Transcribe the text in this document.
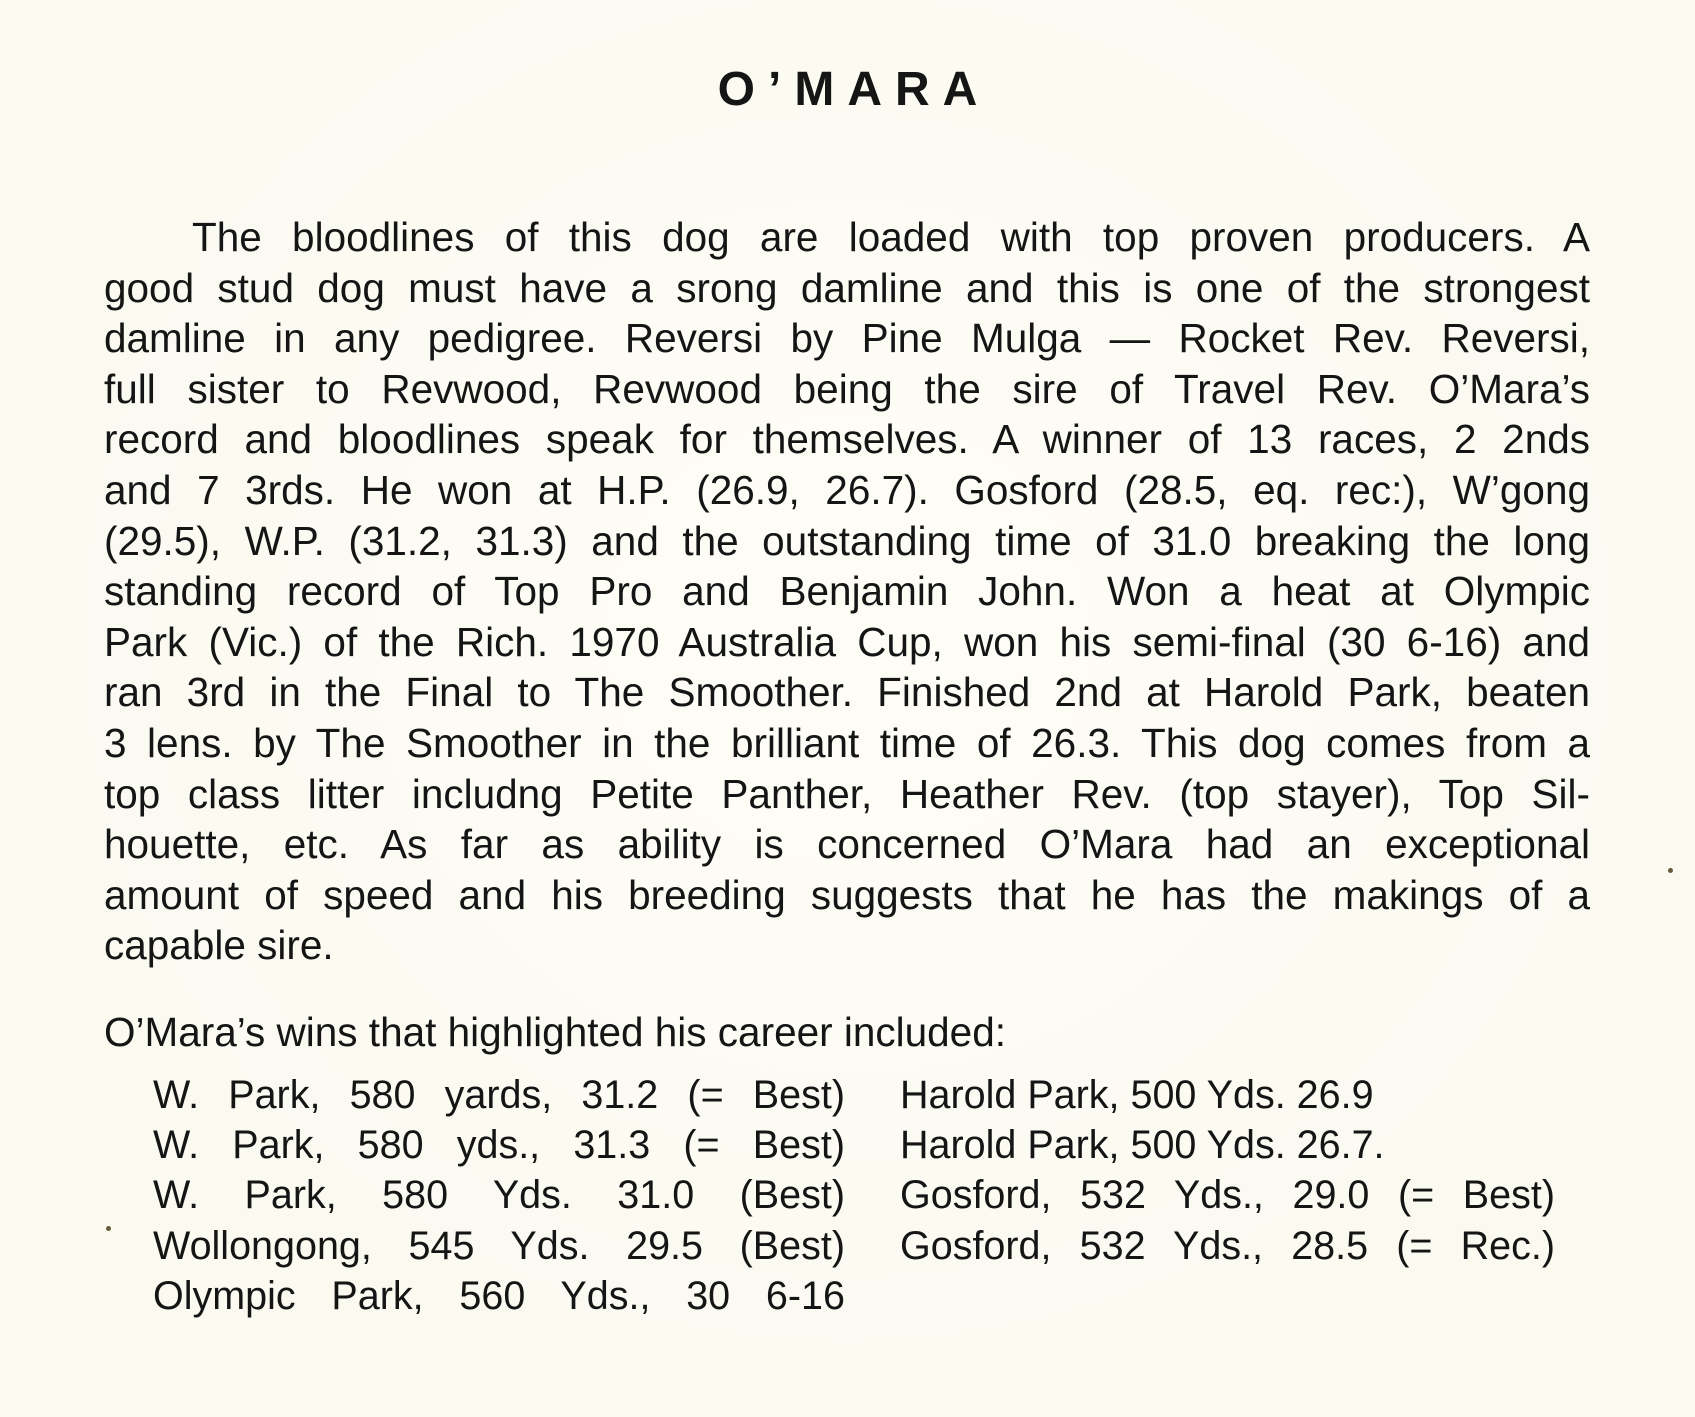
O’MARA
The bloodlines of this dog are loaded with top proven producers. A
good stud dog must have a srong damline and this is one of the strongest
damline in any pedigree. Reversi by Pine Mulga — Rocket Rev. Reversi,
full sister to Revwood, Revwood being the sire of Travel Rev. O’Mara’s
record and bloodlines speak for themselves. A winner of 13 races, 2 2nds
and 7 3rds. He won at H.P. (26.9, 26.7). Gosford (28.5, eq. rec:), W’gong
(29.5), W.P. (31.2, 31.3) and the outstanding time of 31.0 breaking the long
standing record of Top Pro and Benjamin John. Won a heat at Olympic
Park (Vic.) of the Rich. 1970 Australia Cup, won his semi-final (30 6-16) and
ran 3rd in the Final to The Smoother. Finished 2nd at Harold Park, beaten
3 lens. by The Smoother in the brilliant time of 26.3. This dog comes from a
top class litter includng Petite Panther, Heather Rev. (top stayer), Top Sil-
houette, etc. As far as ability is concerned O’Mara had an exceptional
amount of speed and his breeding suggests that he has the makings of a
capable sire.
O’Mara’s wins that highlighted his career included:
W. Park, 580 yards, 31.2 (= Best)
W. Park, 580 yds., 31.3 (= Best)
W. Park, 580 Yds. 31.0 (Best)
Wollongong, 545 Yds. 29.5 (Best)
Olympic Park, 560 Yds., 30 6-16
Harold Park, 500 Yds. 26.9
Harold Park, 500 Yds. 26.7.
Gosford, 532 Yds., 29.0 (= Best)
Gosford, 532 Yds., 28.5 (= Rec.)
